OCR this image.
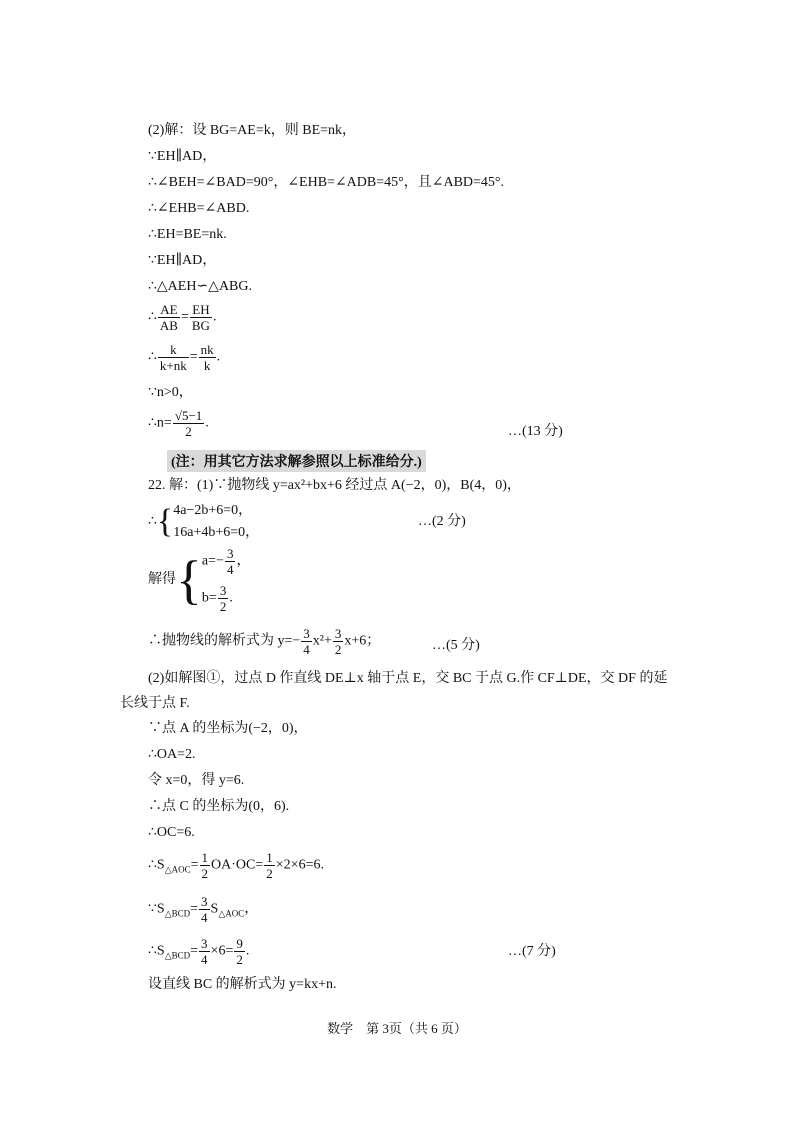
(2)解：设 BG=AE=k，则 BE=nk，
∵EH∥AD，
∴∠BEH=∠BAD=90°，∠EHB=∠ADB=45°，且∠ABD=45°.
∴∠EHB=∠ABD.
∴EH=BE=nk.
∵EH∥AD，
∴△AEH∽△ABG.
∴ $\frac{AE}{AB} = \frac{EH}{BG}$ .
∴ $\frac{k}{k+nk} = \frac{nk}{k}$ .
∵n>0，
∴n= $\frac{√5-1}{2}$ .
…(13 分)
(注：用其它方法求解参照以上标准给分.)
22. 解：(1)∵抛物线 y=ax²+bx+6 经过点 A(−2，0)，B(4，0)，
∴{ 4a−2b+6=0，
16a+4b+6=0，
…(2 分)
解得{ $a=- \frac{3}{4}$ ，
$b= \frac{3}{2}$ .
∴抛物线的解析式为 $y=- \frac{3}{4} x^2+ \frac{3}{2} x+6$；	…(5 分)
(2)如解图①，过点 D 作直线 DE⊥x 轴于点 E，交 BC 于点 G.作 CF⊥DE，交 DF 的延
长线于点 F.
∵点 A 的坐标为(−2，0)，
∴OA=2.
令 x=0，得 y=6.
∴点 C 的坐标为(0，6).
∴OC=6.
$\therefore S_{\triangle AOC}= \frac{1}{2} OA\cdot OC= \frac{1}{2} \times 2\times 6=6$.
$\because S_{\triangle BCD}= \frac{3}{4} S_{\triangle AOC}$，
$\therefore S_{\triangle BCD}= \frac{3}{4} \times 6= \frac{9}{2}$ .	…(7 分)
设直线 BC 的解析式为 y=kx+n.
数学　第 3页（共 6 页）
